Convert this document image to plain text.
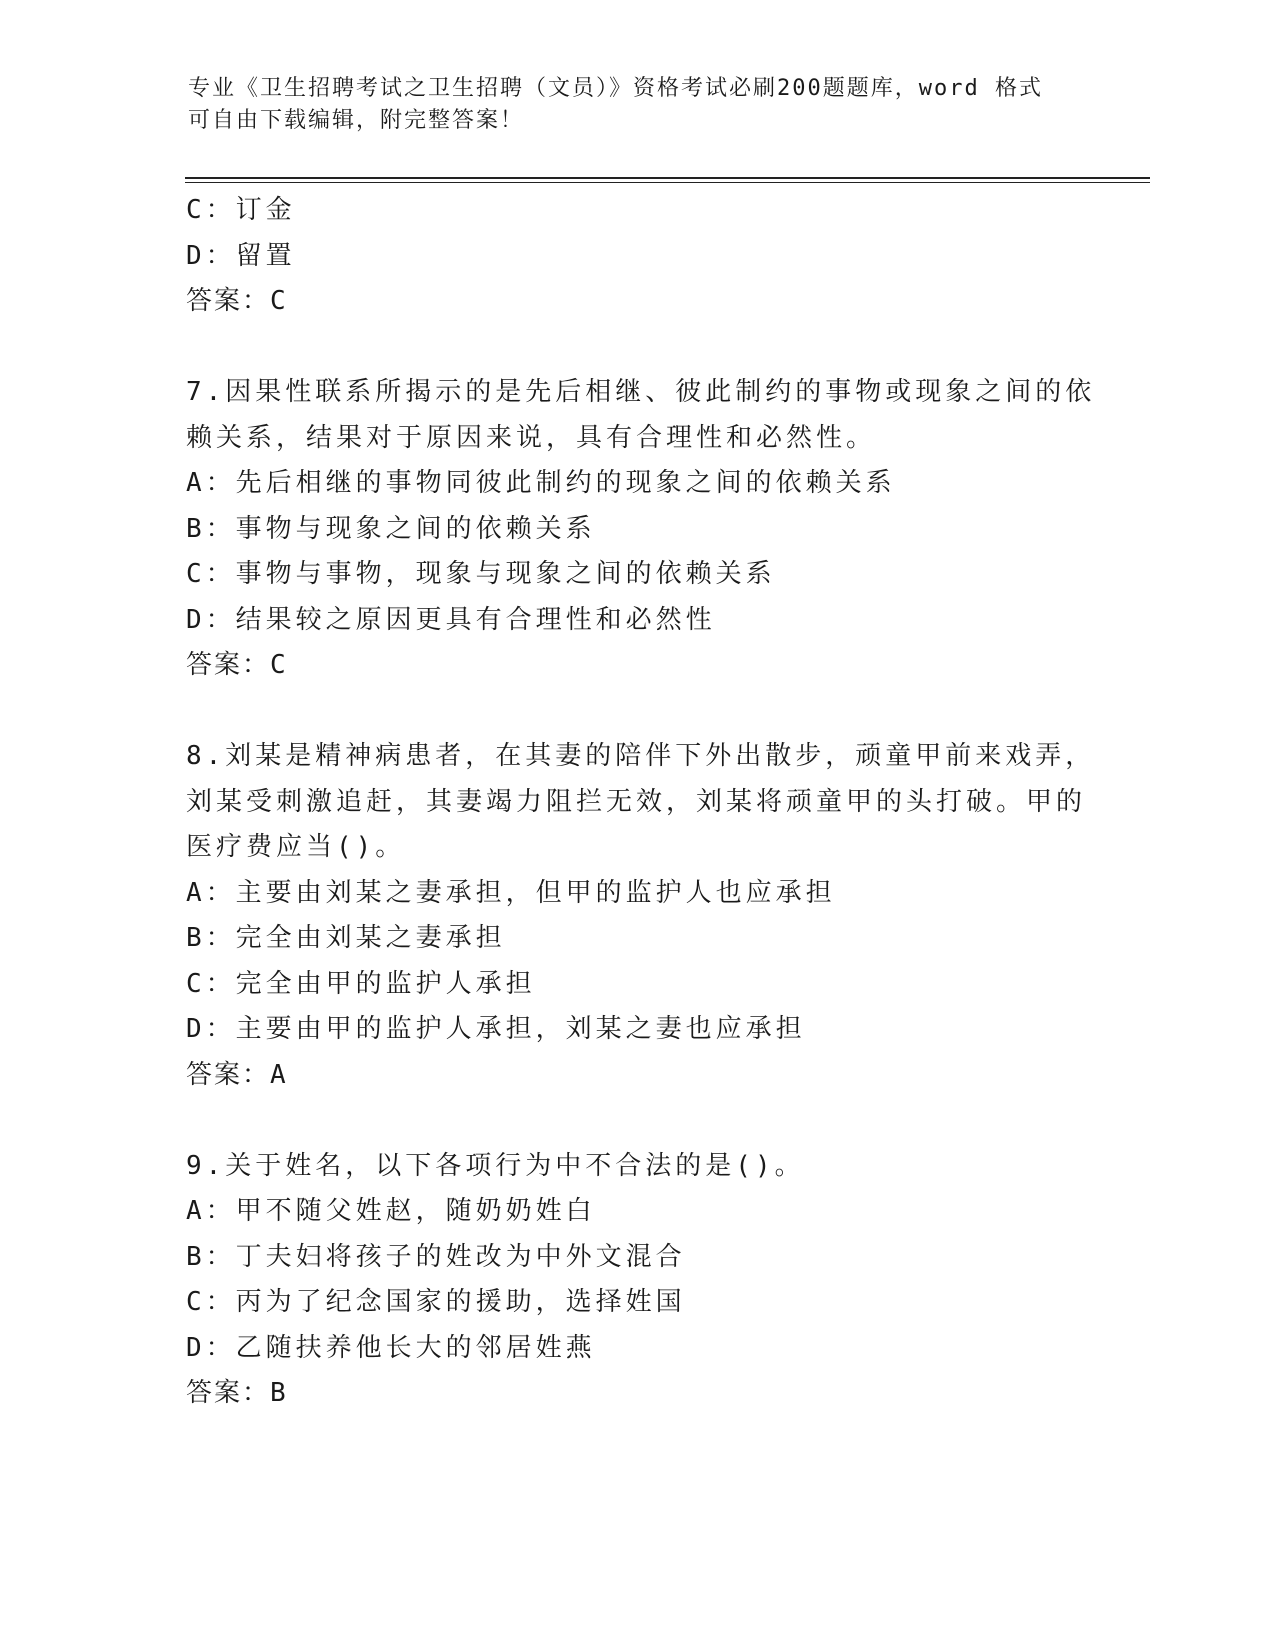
专业《卫生招聘考试之卫生招聘（文员）》资格考试必刷200题题库，word 格式
可自由下载编辑，附完整答案！
C：订金
D：留置
答案：C
7.因果性联系所揭示的是先后相继、彼此制约的事物或现象之间的依
赖关系，结果对于原因来说，具有合理性和必然性。
A：先后相继的事物同彼此制约的现象之间的依赖关系
B：事物与现象之间的依赖关系
C：事物与事物，现象与现象之间的依赖关系
D：结果较之原因更具有合理性和必然性
答案：C
8.刘某是精神病患者，在其妻的陪伴下外出散步，顽童甲前来戏弄，
刘某受刺激追赶，其妻竭力阻拦无效，刘某将顽童甲的头打破。甲的
医疗费应当()。
A：主要由刘某之妻承担，但甲的监护人也应承担
B：完全由刘某之妻承担
C：完全由甲的监护人承担
D：主要由甲的监护人承担，刘某之妻也应承担
答案：A
9.关于姓名，以下各项行为中不合法的是()。
A：甲不随父姓赵，随奶奶姓白
B：丁夫妇将孩子的姓改为中外文混合
C：丙为了纪念国家的援助，选择姓国
D：乙随扶养他长大的邻居姓燕
答案：B
